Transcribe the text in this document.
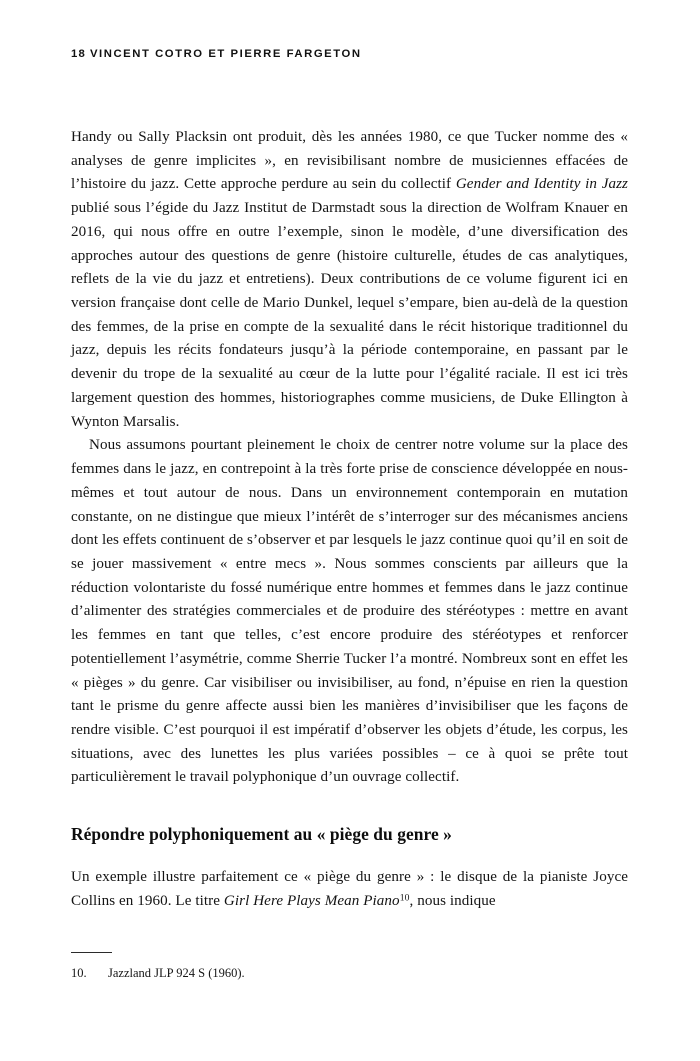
18 VINCENT COTRO ET PIERRE FARGETON

Handy ou Sally Placksin ont produit, dès les années 1980, ce que Tucker nomme des « analyses de genre implicites », en revisibilisant nombre de musiciennes effacées de l’histoire du jazz. Cette approche perdure au sein du collectif Gender and Identity in Jazz publié sous l’égide du Jazz Institut de Darmstadt sous la direction de Wolfram Knauer en 2016, qui nous offre en outre l’exemple, sinon le modèle, d’une diversification des approches autour des questions de genre (histoire culturelle, études de cas analytiques, reflets de la vie du jazz et entretiens). Deux contributions de ce volume figurent ici en version française dont celle de Mario Dunkel, lequel s’empare, bien au-delà de la question des femmes, de la prise en compte de la sexualité dans le récit historique traditionnel du jazz, depuis les récits fondateurs jusqu’à la période contemporaine, en passant par le devenir du trope de la sexualité au cœur de la lutte pour l’égalité raciale. Il est ici très largement question des hommes, historiographes comme musiciens, de Duke Ellington à Wynton Marsalis.

Nous assumons pourtant pleinement le choix de centrer notre volume sur la place des femmes dans le jazz, en contrepoint à la très forte prise de conscience développée en nous-mêmes et tout autour de nous. Dans un environnement contemporain en mutation constante, on ne distingue que mieux l’intérêt de s’interroger sur des mécanismes anciens dont les effets continuent de s’observer et par lesquels le jazz continue quoi qu’il en soit de se jouer massivement « entre mecs ». Nous sommes conscients par ailleurs que la réduction volontariste du fossé numérique entre hommes et femmes dans le jazz continue d’alimenter des stratégies commerciales et de produire des stéréotypes : mettre en avant les femmes en tant que telles, c’est encore produire des stéréotypes et renforcer potentiellement l’asymétrie, comme Sherrie Tucker l’a montré. Nombreux sont en effet les « pièges » du genre. Car visibiliser ou invisibiliser, au fond, n’épuise en rien la question tant le prisme du genre affecte aussi bien les manières d’invisibiliser que les façons de rendre visible. C’est pourquoi il est impératif d’observer les objets d’étude, les corpus, les situations, avec des lunettes les plus variées possibles – ce à quoi se prête tout particulièrement le travail polyphonique d’un ouvrage collectif.

Répondre polyphoniquement au « piège du genre »

Un exemple illustre parfaitement ce « piège du genre » : le disque de la pianiste Joyce Collins en 1960. Le titre Girl Here Plays Mean Piano$^{10}$, nous indique

10.	Jazzland JLP 924 S (1960).
